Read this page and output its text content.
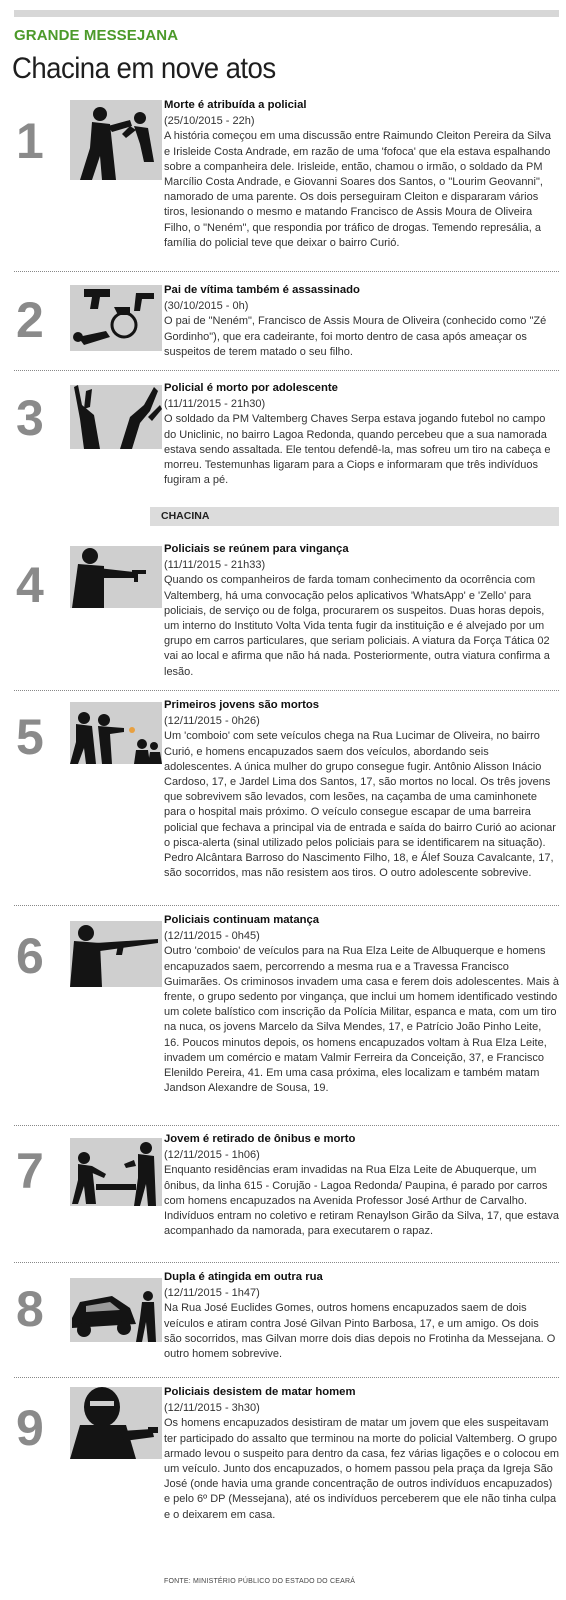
GRANDE MESSEJANA
Chacina em nove atos
1
Morte é atribuída a policial
(25/10/2015 - 22h)
A história começou em uma discussão entre Raimundo Cleiton Pereira da Silva e Irisleide Costa Andrade, em razão de uma 'fofoca' que ela estava espalhando sobre a companheira dele. Irisleide, então, chamou o irmão, o soldado da PM Marcílio Costa Andrade, e Giovanni Soares dos Santos, o "Lourim Geovanni", namorado de uma parente. Os dois perseguiram Cleiton e dispararam vários tiros, lesionando o mesmo e matando Francisco de Assis Moura de Oliveira Filho, o "Neném", que respondia por tráfico de drogas. Temendo represália, a família do policial teve que deixar o bairro Curió.
2
Pai de vítima também é assassinado
(30/10/2015 - 0h)
O pai de "Neném", Francisco de Assis Moura de Oliveira (conhecido como "Zé Gordinho"), que era cadeirante, foi morto dentro de casa após ameaçar os suspeitos de terem matado o seu filho.
3
Policial é morto por adolescente
(11/11/2015 - 21h30)
O soldado da PM Valtemberg Chaves Serpa estava jogando futebol no campo do Uniclinic, no bairro Lagoa Redonda, quando percebeu que a sua namorada estava sendo assaltada. Ele tentou defendê-la, mas sofreu um tiro na cabeça e morreu. Testemunhas ligaram para a Ciops e informaram que três indivíduos fugiram a pé.
CHACINA
4
Policiais se reúnem para vingança
(11/11/2015 - 21h33)
Quando os companheiros de farda tomam conhecimento da ocorrência com Valtemberg, há uma convocação pelos aplicativos 'WhatsApp' e 'Zello' para policiais, de serviço ou de folga, procurarem os suspeitos. Duas horas depois, um interno do Instituto Volta Vida tenta fugir da instituição e é alvejado por um grupo em carros particulares, que seriam policiais. A viatura da Força Tática 02 vai ao local e afirma que não há nada. Posteriormente, outra viatura confirma a lesão.
5
Primeiros jovens são mortos
(12/11/2015 - 0h26)
Um 'comboio' com sete veículos chega na Rua Lucimar de Oliveira, no bairro Curió, e homens encapuzados saem dos veículos, abordando seis adolescentes. A única mulher do grupo consegue fugir. Antônio Alisson Inácio Cardoso, 17, e Jardel Lima dos Santos, 17, são mortos no local. Os três jovens que sobrevivem são levados, com lesões, na caçamba de uma caminhonete para o hospital mais próximo. O veículo consegue escapar de uma barreira policial que fechava a principal via de entrada e saída do bairro Curió ao acionar o pisca-alerta (sinal utilizado pelos policiais para se identificarem na situação). Pedro Alcântara Barroso do Nascimento Filho, 18, e Álef Souza Cavalcante, 17, são socorridos, mas não resistem aos tiros. O outro adolescente sobrevive.
6
Policiais continuam matança
(12/11/2015 - 0h45)
Outro 'comboio' de veículos para na Rua Elza Leite de Albuquerque e homens encapuzados saem, percorrendo a mesma rua e a Travessa Francisco Guimarães. Os criminosos invadem uma casa e ferem dois adolescentes. Mais à frente, o grupo sedento por vingança, que inclui um homem identificado vestindo um colete balístico com inscrição da Polícia Militar, espanca e mata, com um tiro na nuca, os jovens Marcelo da Silva Mendes, 17, e Patrício João Pinho Leite, 16. Poucos minutos depois, os homens encapuzados voltam à Rua Elza Leite, invadem um comércio e matam Valmir Ferreira da Conceição, 37, e Francisco Elenildo Pereira, 41. Em uma casa próxima, eles localizam e também matam Jandson Alexandre de Sousa, 19.
7
Jovem é retirado de ônibus e morto
(12/11/2015 - 1h06)
Enquanto residências eram invadidas na Rua Elza Leite de Abuquerque, um ônibus, da linha 615 - Corujão - Lagoa Redonda/ Paupina, é parado por carros com homens encapuzados na Avenida Professor José Arthur de Carvalho. Indivíduos entram no coletivo e retiram Renaylson Girão da Silva, 17, que estava acompanhado da namorada, para executarem o rapaz.
8
Dupla é atingida em outra rua
(12/11/2015 - 1h47)
Na Rua José Euclides Gomes, outros homens encapuzados saem de dois veículos e atiram contra José Gilvan Pinto Barbosa, 17, e um amigo. Os dois são socorridos, mas Gilvan morre dois dias depois no Frotinha da Messejana. O outro homem sobrevive.
9
Policiais desistem de matar homem
(12/11/2015 - 3h30)
Os homens encapuzados desistiram de matar um jovem que eles suspeitavam ter participado do assalto que terminou na morte do policial Valtemberg. O grupo armado levou o suspeito para dentro da casa, fez várias ligações e o colocou em um veículo. Junto dos encapuzados, o homem passou pela praça da Igreja São José (onde havia uma grande concentração de outros indivíduos encapuzados) e pelo 6º DP (Messejana), até os indivíduos perceberem que ele não tinha culpa e o deixarem em casa.
FONTE: MINISTÉRIO PÚBLICO DO ESTADO DO CEARÁ
